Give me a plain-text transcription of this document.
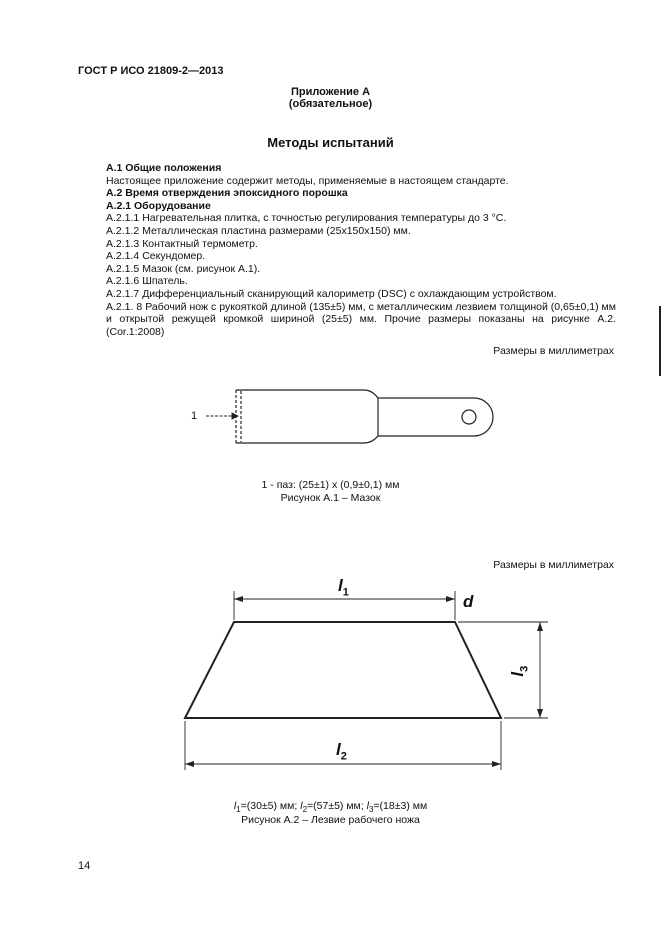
ГОСТ Р ИСО 21809-2—2013
Приложение А
(обязательное)
Методы испытаний

А.1 Общие положения

Настоящее приложение содержит методы, применяемые в настоящем стандарте.

А.2 Время отверждения эпоксидного порошка

А.2.1 Оборудование

А.2.1.1 Нагревательная плитка, с точностью регулирования температуры до 3 °С.

А.2.1.2 Металлическая пластина размерами (25x150x150) мм.

А.2.1.3 Контактный термометр.

А.2.1.4 Секундомер.

А.2.1.5 Мазок (см. рисунок А.1).

А.2.1.6 Шпатель.

А.2.1.7 Дифференциальный сканирующий калориметр (DSC) с охлаждающим устройством.

А.2.1. 8 Рабочий нож с рукояткой длиной (135±5) мм, с металлическим лезвием толщиной (0,65±0,1) мм и открытой режущей кромкой шириной (25±5) мм. Прочие размеры показаны на рисунке А.2. (Cor.1:2008)

Размеры в миллиметрах
1
1 - паз: (25±1) х (0,9±0,1) мм
Рисунок А.1 – Мазок
Размеры в миллиметрах
$l_1$
$l_2$
$l_3$
d
$l_1=(30\pm 5)$ мм; $l_2=(57\pm 5)$ мм; $l_3=(18\pm 3)$ мм
Рисунок А.2 – Лезвие рабочего ножа
14
